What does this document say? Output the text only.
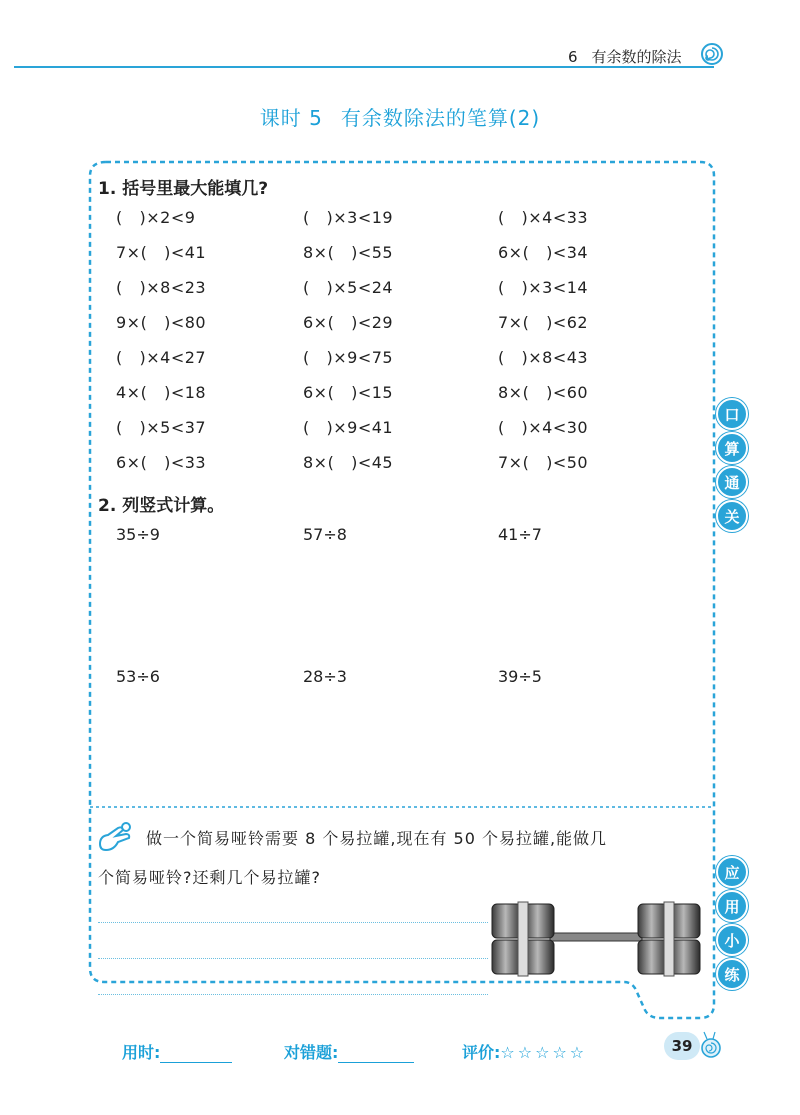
6 有余数的除法
课时 5 有余数除法的笔算(2)
1. 括号里最大能填几?
(   )×2<9	(   )×3<19	(   )×4<33
7×(   )<41	8×(   )<55	6×(   )<34
(   )×8<23	(   )×5<24	(   )×3<14
9×(   )<80	6×(   )<29	7×(   )<62
(   )×4<27	(   )×9<75	(   )×8<43
4×(   )<18	6×(   )<15	8×(   )<60
(   )×5<37	(   )×9<41	(   )×4<30
6×(   )<33	8×(   )<45	7×(   )<50
2. 列竖式计算。
35÷9	57÷8	41÷7
53÷6	28÷3	39÷5
做一个简易哑铃需要 8 个易拉罐,现在有 50 个易拉罐,能做几
个简易哑铃?还剩几个易拉罐?
口
算
通
关
应
用
小
练
用时:	对错题:	评价:☆☆☆☆☆	39
